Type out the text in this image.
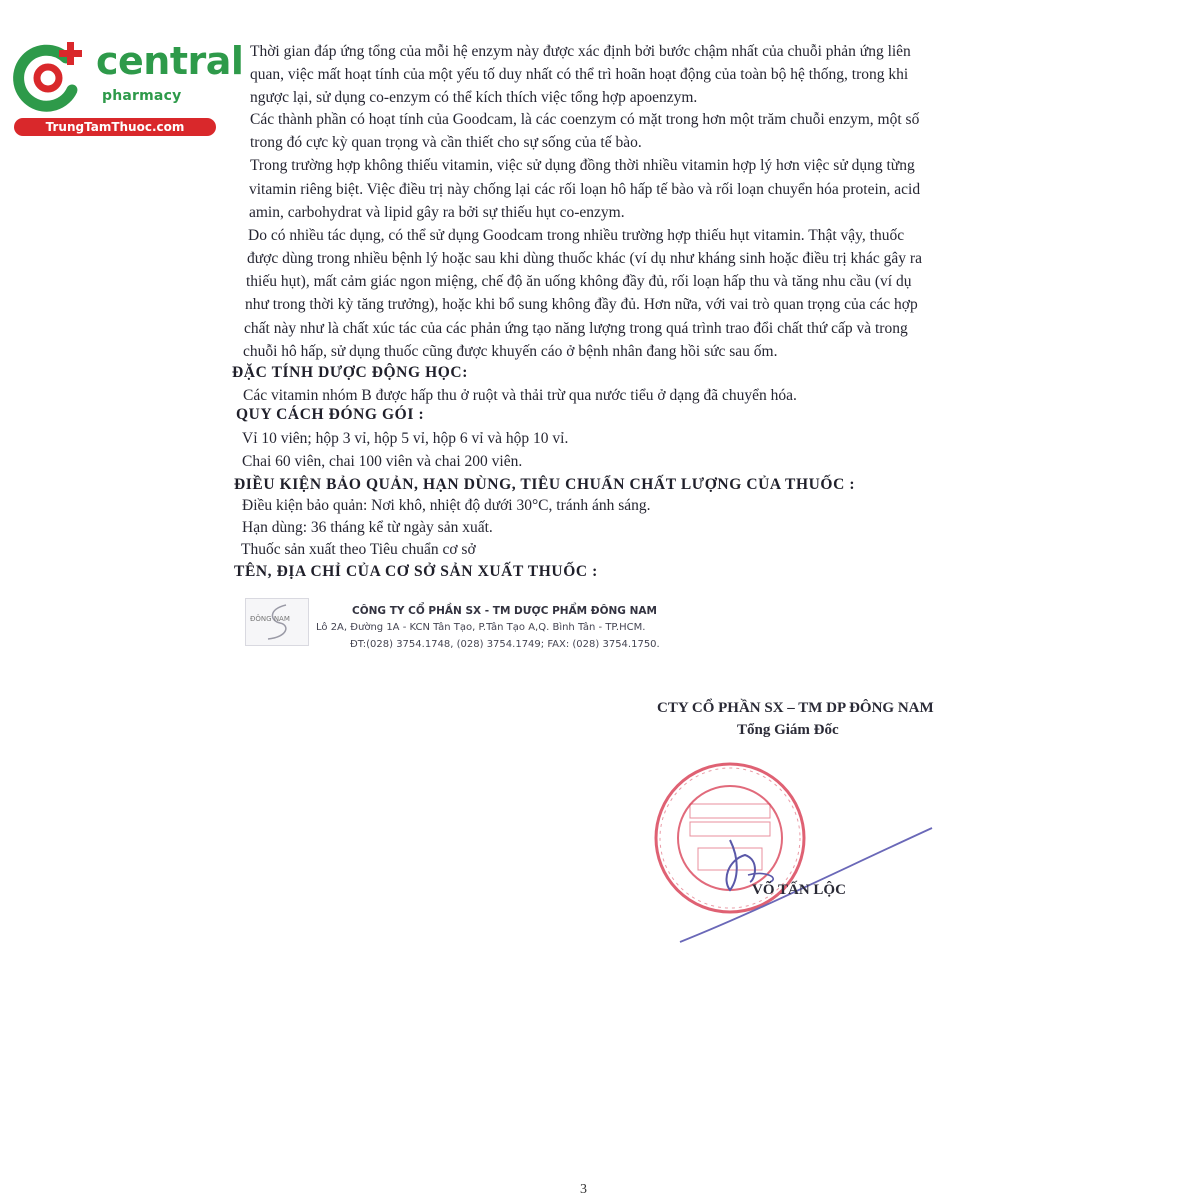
central
pharmacy
TrungTamThuoc.com
Thời gian đáp ứng tổng của mỗi hệ enzym này được xác định bởi bước chậm nhất của chuỗi phản ứng liên
quan, việc mất hoạt tính của một yếu tố duy nhất có thể trì hoãn hoạt động của toàn bộ hệ thống, trong khi
ngược lại, sử dụng co-enzym có thể kích thích việc tổng hợp apoenzym.
Các thành phần có hoạt tính của Goodcam, là các coenzym có mặt trong hơn một trăm chuỗi enzym, một số
trong đó cực kỳ quan trọng và cần thiết cho sự sống của tế bào.
Trong trường hợp không thiếu vitamin, việc sử dụng đồng thời nhiều vitamin hợp lý hơn việc sử dụng từng
vitamin riêng biệt. Việc điều trị này chống lại các rối loạn hô hấp tế bào và rối loạn chuyển hóa protein, acid
amin, carbohydrat và lipid gây ra bởi sự thiếu hụt co-enzym.
Do có nhiều tác dụng, có thể sử dụng Goodcam trong nhiều trường hợp thiếu hụt vitamin. Thật vậy, thuốc
được dùng trong nhiều bệnh lý hoặc sau khi dùng thuốc khác (ví dụ như kháng sinh hoặc điều trị khác gây ra
thiếu hụt), mất cảm giác ngon miệng, chế độ ăn uống không đầy đủ, rối loạn hấp thu và tăng nhu cầu (ví dụ
như trong thời kỳ tăng trưởng), hoặc khi bổ sung không đầy đủ. Hơn nữa, với vai trò quan trọng của các hợp
chất này như là chất xúc tác của các phản ứng tạo năng lượng trong quá trình trao đổi chất thứ cấp và trong
chuỗi hô hấp, sử dụng thuốc cũng được khuyến cáo ở bệnh nhân đang hồi sức sau ốm.
ĐẶC TÍNH DƯỢC ĐỘNG HỌC:
Các vitamin nhóm B được hấp thu ở ruột và thải trừ qua nước tiểu ở dạng đã chuyển hóa.
QUY CÁCH ĐÓNG GÓI :
Vỉ 10 viên; hộp 3 vỉ, hộp 5 vỉ, hộp 6 vỉ và hộp 10 vỉ.
Chai 60 viên, chai 100 viên và chai 200 viên.
ĐIỀU KIỆN BẢO QUẢN, HẠN DÙNG, TIÊU CHUẨN CHẤT LƯỢNG CỦA THUỐC :
Điều kiện bảo quản: Nơi khô, nhiệt độ dưới 30°C, tránh ánh sáng.
Hạn dùng: 36 tháng kể từ ngày sản xuất.
Thuốc sản xuất theo Tiêu chuẩn cơ sở
TÊN, ĐỊA CHỈ CỦA CƠ SỞ SẢN XUẤT THUỐC :
ĐÔNG NAM
CÔNG TY CỔ PHẦN SX - TM DƯỢC PHẨM ĐÔNG NAM
Lô 2A, Đường 1A - KCN Tân Tạo, P.Tân Tạo A,Q. Bình Tân - TP.HCM.
ĐT:(028) 3754.1748, (028) 3754.1749; FAX: (028) 3754.1750.
CTY CỔ PHẦN SX – TM DP ĐÔNG NAM
Tổng Giám Đốc
VÕ TẤN LỘC
3
